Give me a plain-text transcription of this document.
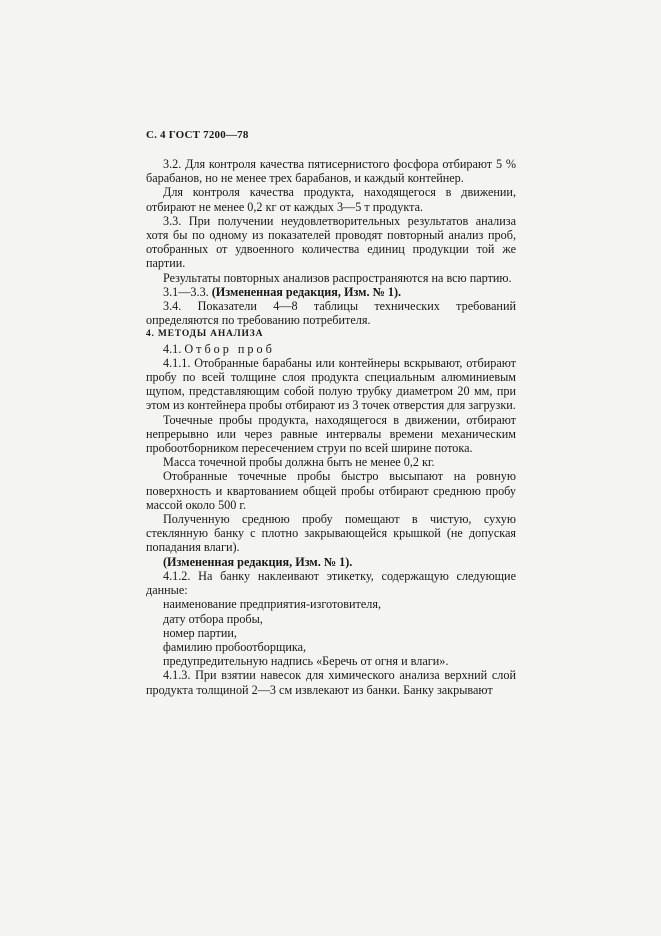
С. 4 ГОСТ 7200—78

3.2. Для контроля качества пятисернистого фосфора отбирают 5 % барабанов, но не менее трех барабанов, и каждый контейнер.

Для контроля качества продукта, находящегося в движении, отбирают не менее 0,2 кг от каждых 3—5 т продукта.

3.3. При получении неудовлетворительных результатов анализа хотя бы по одному из показателей проводят повторный анализ проб, отобранных от удвоенного количества единиц продукции той же партии.

Результаты повторных анализов распространяются на всю партию.

3.1—3.3. (Измененная редакция, Изм. № 1).

3.4. Показатели 4—8 таблицы технических требований определяются по требованию потребителя.

4. МЕТОДЫ АНАЛИЗА

4.1. Отбор проб

4.1.1. Отобранные барабаны или контейнеры вскрывают, отбирают пробу по всей толщине слоя продукта специальным алюминиевым щупом, представляющим собой полую трубку диаметром 20 мм, при этом из контейнера пробы отбирают из 3 точек отверстия для загрузки.

Точечные пробы продукта, находящегося в движении, отбирают непрерывно или через равные интервалы времени механическим пробоотборником пересечением струи по всей ширине потока.

Масса точечной пробы должна быть не менее 0,2 кг.

Отобранные точечные пробы быстро высыпают на ровную поверхность и квартованием общей пробы отбирают среднюю пробу массой около 500 г.

Полученную среднюю пробу помещают в чистую, сухую стеклянную банку с плотно закрывающейся крышкой (не допуская попадания влаги).

(Измененная редакция, Изм. № 1).

4.1.2. На банку наклеивают этикетку, содержащую следующие данные:

наименование предприятия-изготовителя,

дату отбора пробы,

номер партии,

фамилию пробоотборщика,

предупредительную надпись «Беречь от огня и влаги».

4.1.3. При взятии навесок для химического анализа верхний слой продукта толщиной 2—3 см извлекают из банки. Банку закрывают
